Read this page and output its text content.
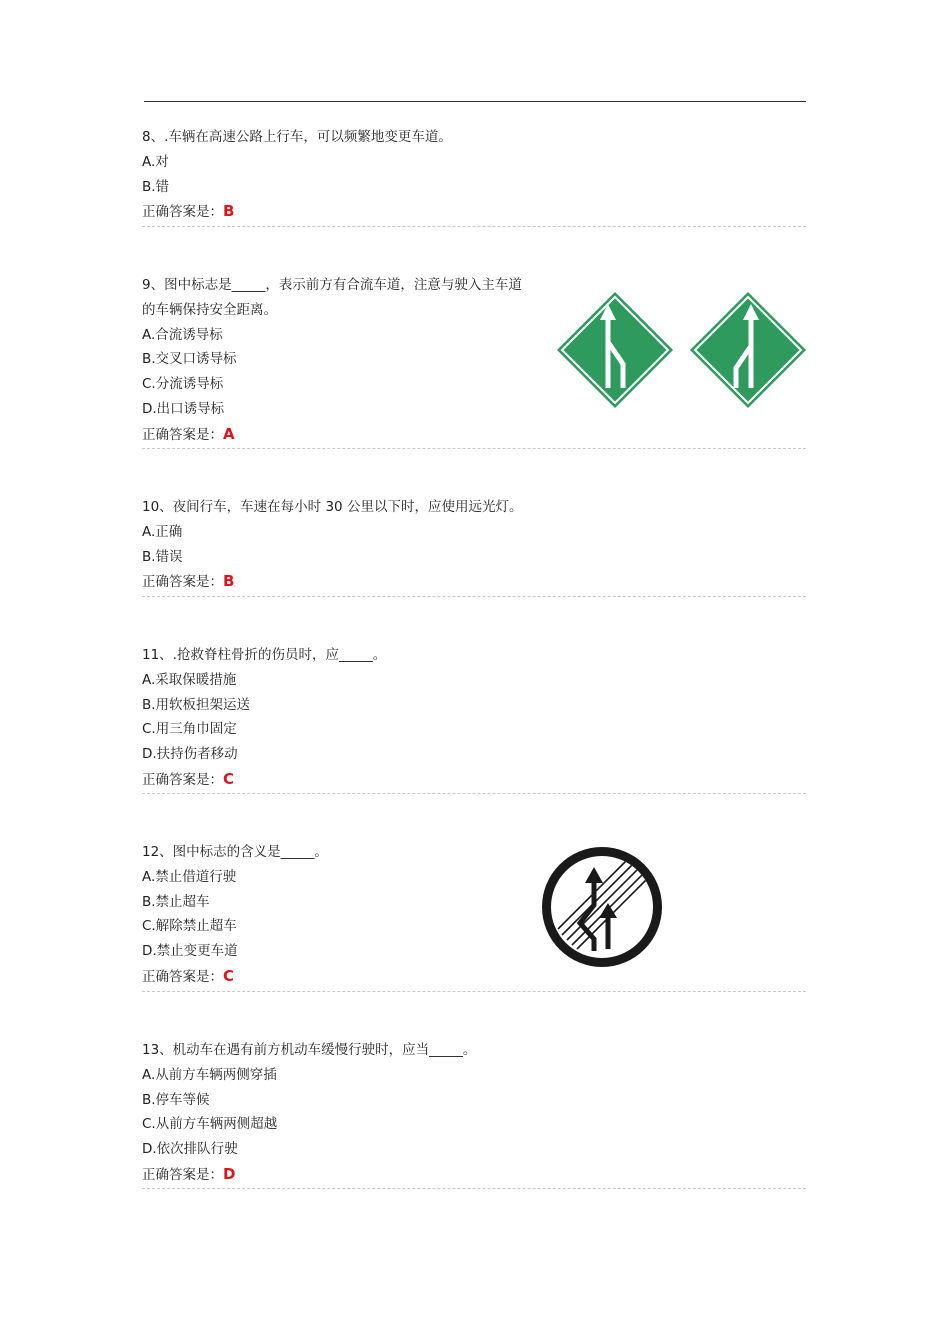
8、.车辆在高速公路上行车，可以频繁地变更车道。
A.对
B.错
正确答案是：B
9、图中标志是_____，表示前方有合流车道，注意与驶入主车道
的车辆保持安全距离。
A.合流诱导标
B.交叉口诱导标
C.分流诱导标
D.出口诱导标
正确答案是：A
10、夜间行车，车速在每小时 30 公里以下时，应使用远光灯。
A.正确
B.错误
正确答案是：B
11、.抢救脊柱骨折的伤员时，应_____。
A.采取保暖措施
B.用软板担架运送
C.用三角巾固定
D.扶持伤者移动
正确答案是：C
12、图中标志的含义是_____。
A.禁止借道行驶
B.禁止超车
C.解除禁止超车
D.禁止变更车道
正确答案是：C
13、机动车在遇有前方机动车缓慢行驶时，应当_____。
A.从前方车辆两侧穿插
B.停车等候
C.从前方车辆两侧超越
D.依次排队行驶
正确答案是：D
